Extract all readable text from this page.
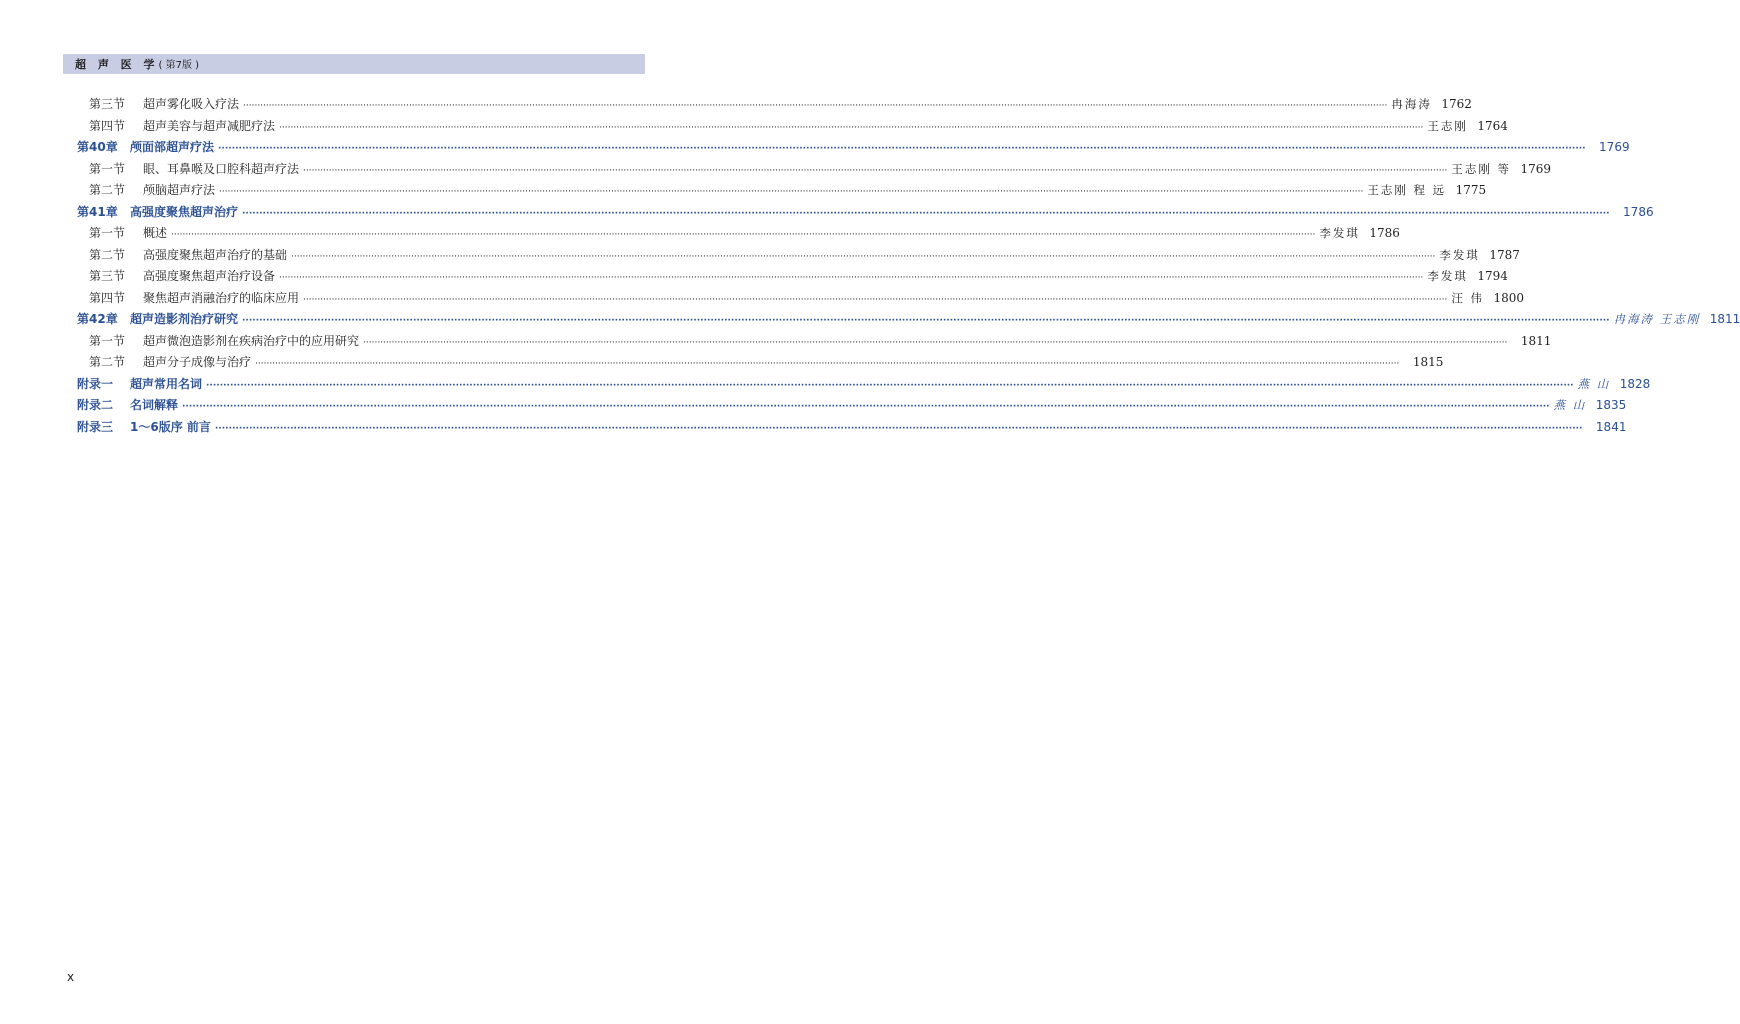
超 声 医 学( 第7版 )
第三节	超声雾化吸入疗法 ················································································································································································································································································································································································································ 冉海涛 1762
第四节	超声美容与超声减肥疗法 ················································································································································································································································································································································································································ 王志刚 1764
第40章	颅面部超声疗法 ················································································································································································································································································································································································································	1769
第一节	眼、耳鼻喉及口腔科超声疗法 ················································································································································································································································································································································································································ 王志刚 等 1769
第二节	颅脑超声疗法 ················································································································································································································································································································································································································ 王志刚 程 远 1775
第41章	高强度聚焦超声治疗 ················································································································································································································································································································································································································	1786
第一节	概述 ················································································································································································································································································································································································································ 李发琪 1786
第二节	高强度聚焦超声治疗的基础 ················································································································································································································································································································································································································ 李发琪 1787
第三节	高强度聚焦超声治疗设备 ················································································································································································································································································································································································································ 李发琪 1794
第四节	聚焦超声消融治疗的临床应用 ················································································································································································································································································································································································································ 汪 伟 1800
第42章	超声造影剂治疗研究 ················································································································································································································································································································································································································ 冉海涛 王志刚 1811
第一节	超声微泡造影剂在疾病治疗中的应用研究 ················································································································································································································································································································································································································	1811
第二节	超声分子成像与治疗 ················································································································································································································································································································································································································	1815
附录一	超声常用名词 ················································································································································································································································································································································································································ 燕 山 1828
附录二	名词解释 ················································································································································································································································································································································································································ 燕 山 1835
附录三	1～6版序 前言 ················································································································································································································································································································································································································	1841
x
